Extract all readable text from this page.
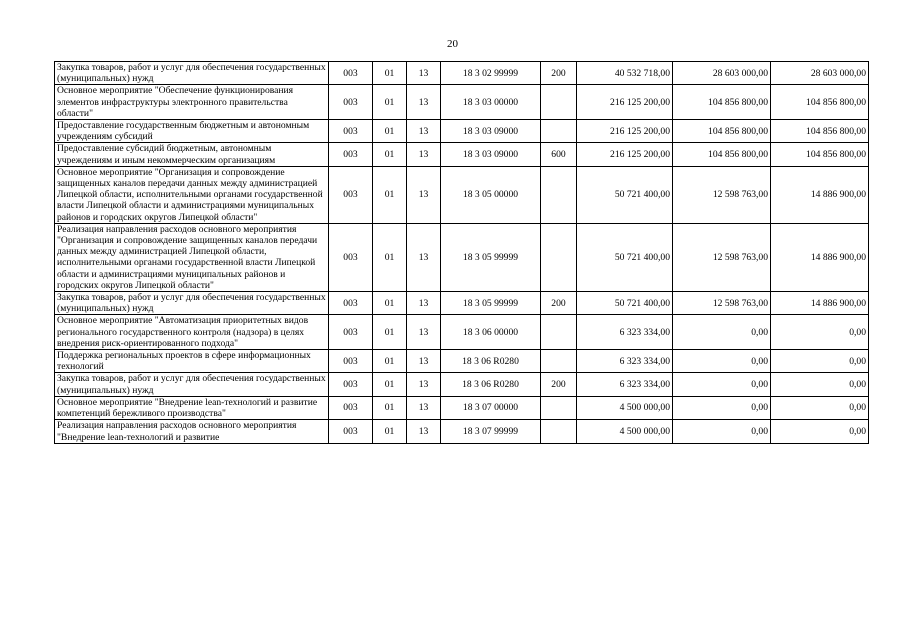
20
Закупка товаров, работ и услуг для обеспечения государственных (муниципальных) нужд	003	01	13	18 3 02 99999	200	40 532 718,00	28 603 000,00	28 603 000,00
Основное мероприятие "Обеспечение функционирования элементов инфраструктуры электронного правительства области"	003	01	13	18 3 03 00000		216 125 200,00	104 856 800,00	104 856 800,00
Предоставление государственным бюджетным и автономным учреждениям субсидий	003	01	13	18 3 03 09000		216 125 200,00	104 856 800,00	104 856 800,00
Предоставление субсидий бюджетным, автономным учреждениям и иным некоммерческим организациям	003	01	13	18 3 03 09000	600	216 125 200,00	104 856 800,00	104 856 800,00
Основное мероприятие "Организация и сопровождение защищенных каналов передачи данных между администрацией Липецкой области, исполнительными органами государственной власти Липецкой области и администрациями муниципальных районов и городских округов Липецкой области"	003	01	13	18 3 05 00000		50 721 400,00	12 598 763,00	14 886 900,00
Реализация направления расходов основного мероприятия "Организация и сопровождение защищенных каналов передачи данных между администрацией Липецкой области, исполнительными органами государственной власти Липецкой области и администрациями муниципальных районов и городских округов Липецкой области"	003	01	13	18 3 05 99999		50 721 400,00	12 598 763,00	14 886 900,00
Закупка товаров, работ и услуг для обеспечения государственных (муниципальных) нужд	003	01	13	18 3 05 99999	200	50 721 400,00	12 598 763,00	14 886 900,00
Основное мероприятие "Автоматизация приоритетных видов регионального государственного контроля (надзора) в целях внедрения риск-ориентированного подхода"	003	01	13	18 3 06 00000		6 323 334,00	0,00	0,00
Поддержка региональных проектов в сфере информационных технологий	003	01	13	18 3 06 R0280		6 323 334,00	0,00	0,00
Закупка товаров, работ и услуг для обеспечения государственных (муниципальных) нужд	003	01	13	18 3 06 R0280	200	6 323 334,00	0,00	0,00
Основное мероприятие "Внедрение lean-технологий и развитие компетенций бережливого производства"	003	01	13	18 3 07 00000		4 500 000,00	0,00	0,00
Реализация направления расходов основного мероприятия "Внедрение lean-технологий и развитие	003	01	13	18 3 07 99999		4 500 000,00	0,00	0,00
